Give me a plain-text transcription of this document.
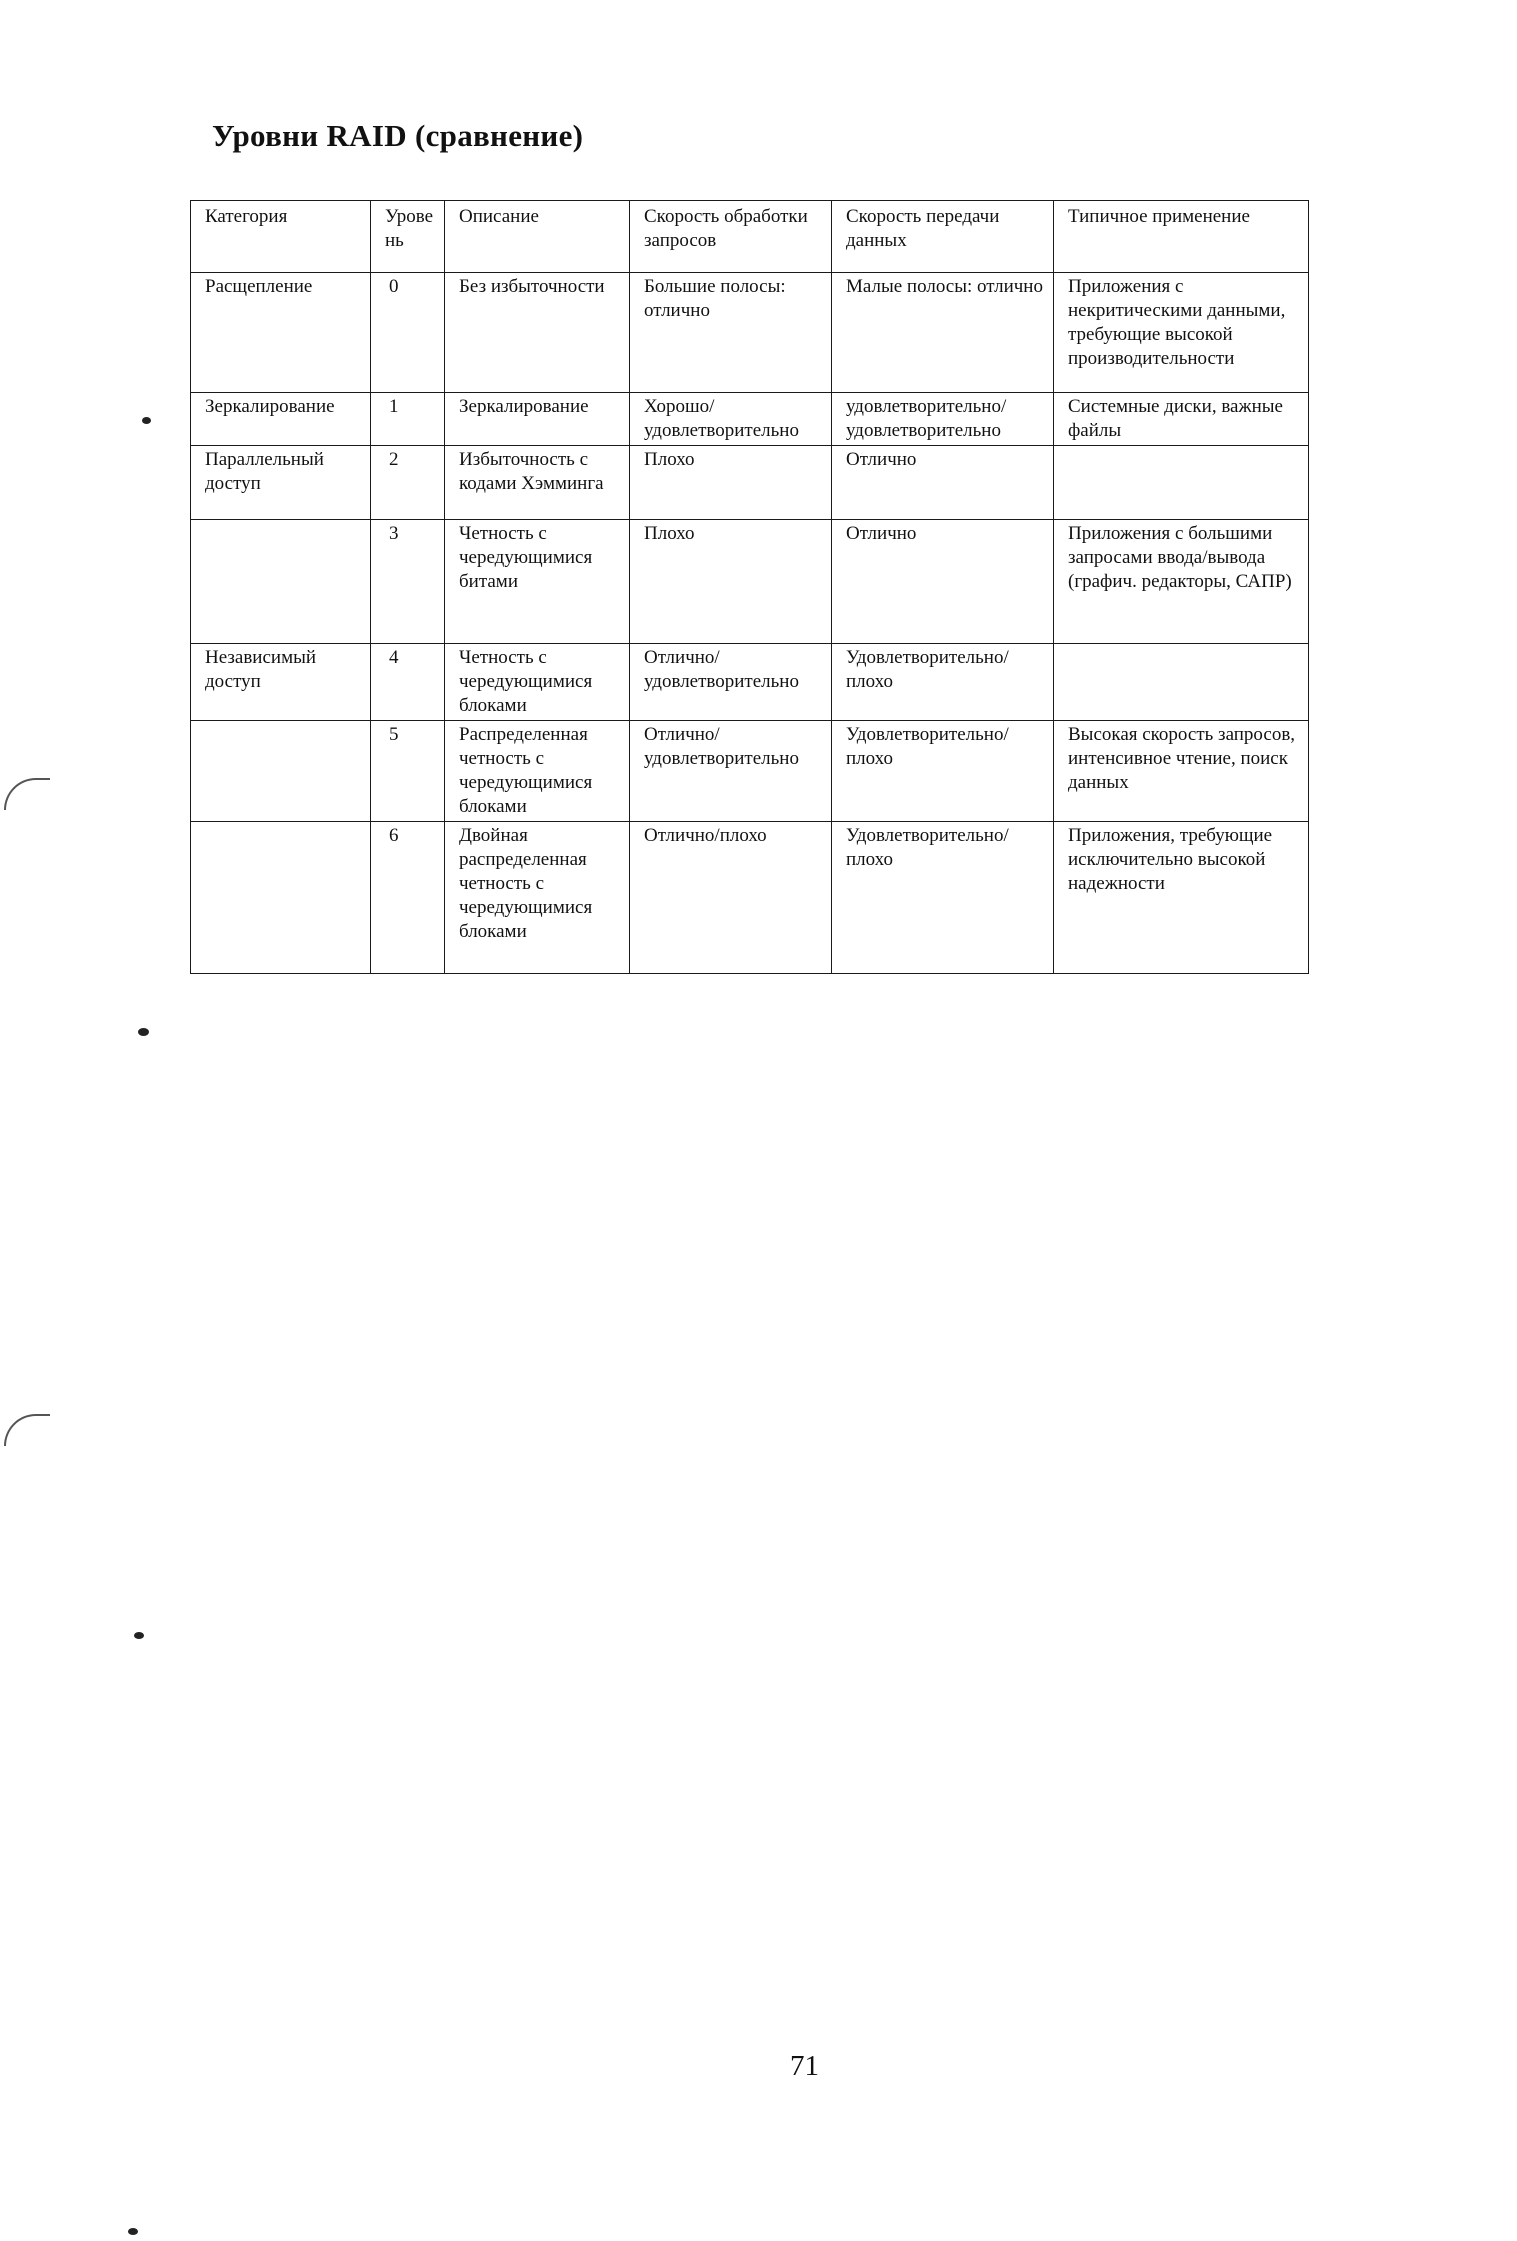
Уровни RAID (сравнение)
Категория	Уровень	Описание	Скорость обработки запросов	Скорость передачи данных	Типичное применение
Расщепление	0	Без избыточности	Большие полосы: отлично	Малые полосы: отлично	Приложения с некритическими данными, требующие высокой производительности
Зеркалирование	1	Зеркалирование	Хорошо/ удовлетворительно	удовлетворительно/ удовлетворительно	Системные диски, важные файлы
Параллельный доступ	2	Избыточность с кодами Хэмминга	Плохо	Отлично	
	3	Четность с чередующимися битами	Плохо	Отлично	Приложения с большими запросами ввода/вывода (графич. редакторы, САПР)
Независимый доступ	4	Четность с чередующимися блоками	Отлично/ удовлетворительно	Удовлетворительно/ плохо	
	5	Распределенная четность с чередующимися блоками	Отлично/ удовлетворительно	Удовлетворительно/ плохо	Высокая скорость запросов, интенсивное чтение, поиск данных
	6	Двойная распределенная четность с чередующимися блоками	Отлично/плохо	Удовлетворительно/ плохо	Приложения, требующие исключительно высокой надежности
71
